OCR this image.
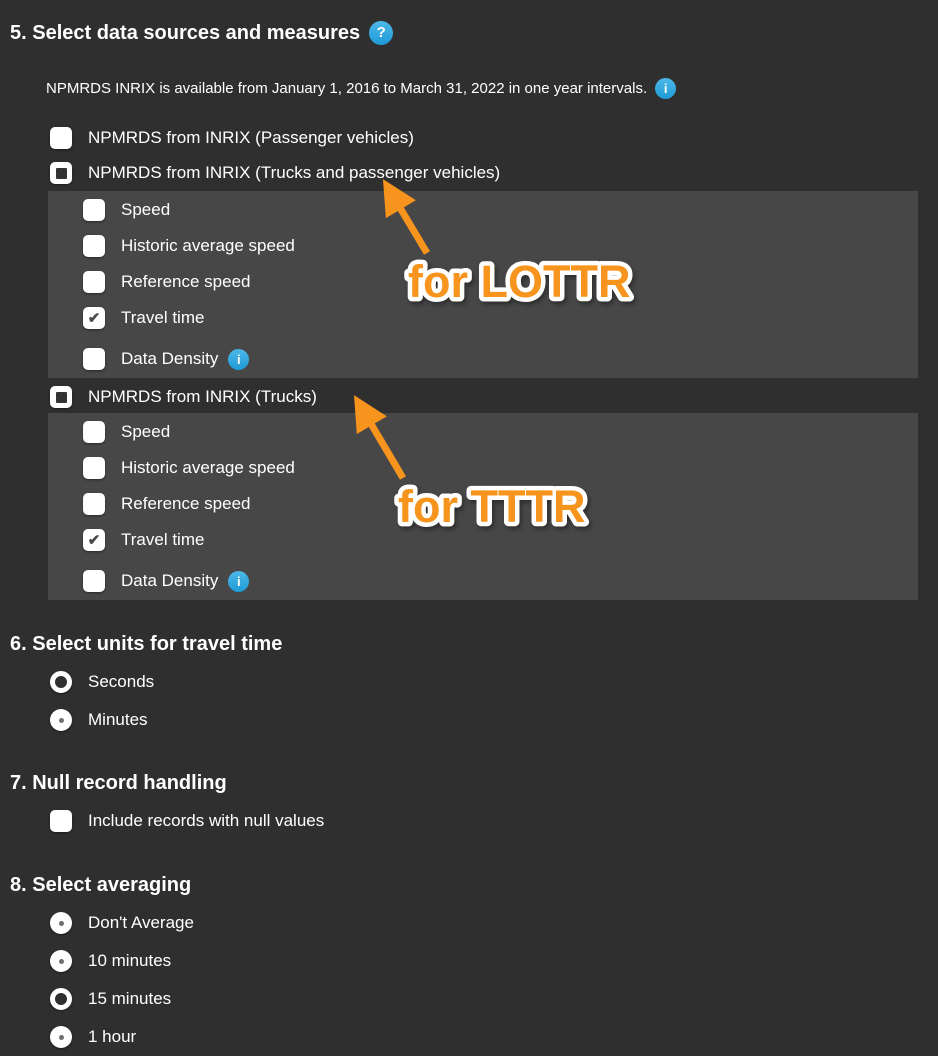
5. Select data sources and measures	?
NPMRDS INRIX is available from January 1, 2016 to March 31, 2022 in one year intervals.	i
NPMRDS from INRIX (Passenger vehicles)
NPMRDS from INRIX (Trucks and passenger vehicles)
Speed
Historic average speed
Reference speed
✔
Travel time
Data Density	i
NPMRDS from INRIX (Trucks)
Speed
Historic average speed
Reference speed
✔
Travel time
Data Density	i
6. Select units for travel time
Seconds
Minutes
7. Null record handling
Include records with null values
8. Select averaging
Don't Average
10 minutes
15 minutes
1 hour
for LOTTR
for TTTR
